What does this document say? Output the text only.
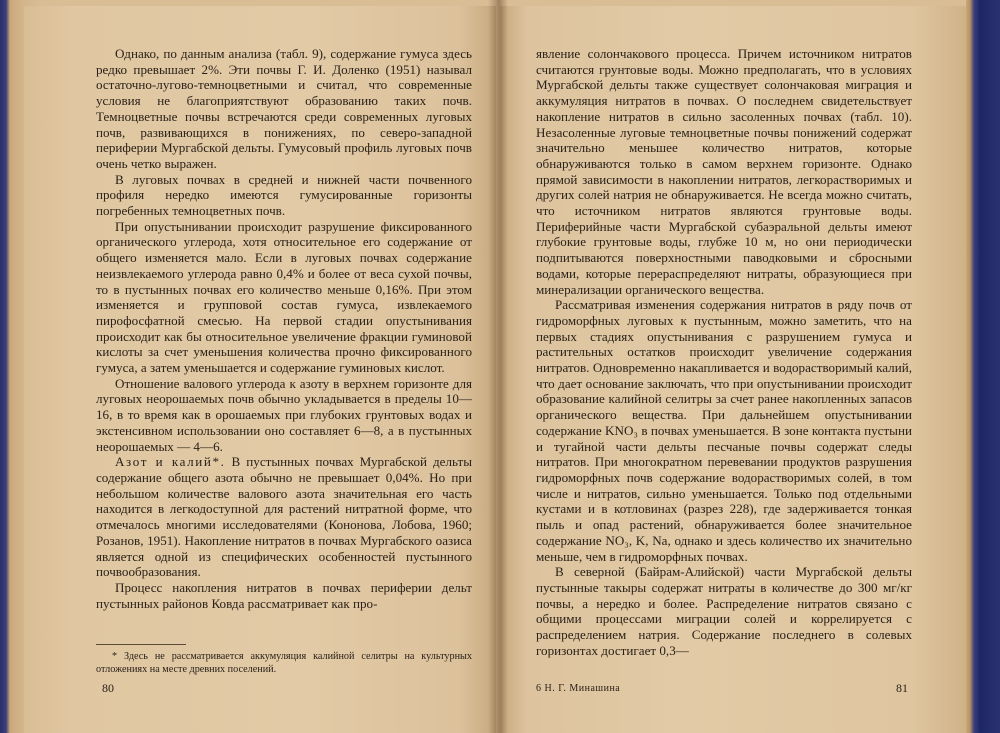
Однако, по данным анализа (табл. 9), содержание гумуса здесь редко превышает 2%. Эти почвы Г. И. Доленко (1951) называл остаточно-лугово-темноцветными и считал, что современные условия не благоприятствуют образованию таких почв. Темноцветные почвы встречаются среди современных луговых почв, развивающихся в понижениях, по северо-западной периферии Мургабской дельты. Гумусовый профиль луговых почв очень четко выражен.

В луговых почвах в средней и нижней части почвенного профиля нередко имеются гумусированные горизонты погребенных темноцветных почв.

При опустынивании происходит разрушение фиксированного органического углерода, хотя относительное его содержание от общего изменяется мало. Если в луговых почвах содержание неизвлекаемого углерода равно 0,4% и более от веса сухой почвы, то в пустынных почвах его количество меньше 0,16%. При этом изменяется и групповой состав гумуса, извлекаемого пирофосфатной смесью. На первой стадии опустынивания происходит как бы относительное увеличение фракции гуминовой кислоты за счет уменьшения количества прочно фиксированного гумуса, а затем уменьшается и содержание гуминовых кислот.

Отношение валового углерода к азоту в верхнем горизонте для луговых неорошаемых почв обычно укладывается в пределы 10—16, в то время как в орошаемых при глубоких грунтовых водах и экстенсивном использовании оно составляет 6—8, а в пустынных неорошаемых — 4—6.

Азот и калий*. В пустынных почвах Мургабской дельты содержание общего азота обычно не превышает 0,04%. Но при небольшом количестве валового азота значительная его часть находится в легкодоступной для растений нитратной форме, что отмечалось многими исследователями (Кононова, Лобова, 1960; Розанов, 1951). Накопление нитратов в почвах Мургабского оазиса является одной из специфических особенностей пустынного почвообразования.

Процесс накопления нитратов в почвах периферии дельт пустынных районов Ковда рассматривает как про-

* Здесь не рассматривается аккумуляция калийной селитры на культурных отложениях на месте древних поселений.
80

явление солончакового процесса. Причем источником нитратов считаются грунтовые воды. Можно предполагать, что в условиях Мургабской дельты также существует солончаковая миграция и аккумуляция нитратов в почвах. О последнем свидетельствует накопление нитратов в сильно засоленных почвах (табл. 10). Незасоленные луговые темноцветные почвы понижений содержат значительно меньшее количество нитратов, которые обнаруживаются только в самом верхнем горизонте. Однако прямой зависимости в накоплении нитратов, легкорастворимых и других солей натрия не обнаруживается. Не всегда можно считать, что источником нитратов являются грунтовые воды. Периферийные части Мургабской субаэральной дельты имеют глубокие грунтовые воды, глубже 10 м, но они периодически подпитываются поверхностными паводковыми и сбросными водами, которые перераспределяют нитраты, образующиеся при минерализации органического вещества.

Рассматривая изменения содержания нитратов в ряду почв от гидроморфных луговых к пустынным, можно заметить, что на первых стадиях опустынивания с разрушением гумуса и растительных остатков происходит увеличение содержания нитратов. Одновременно накапливается и водорастворимый калий, что дает основание заключать, что при опустынивании происходит образование калийной селитры за счет ранее накопленных запасов органического вещества. При дальнейшем опустынивании содержание KNO₃ в почвах уменьшается. В зоне контакта пустыни и тугайной части дельты песчаные почвы содержат следы нитратов. При многократном перевевании продуктов разрушения гидроморфных почв содержание водорастворимых солей, в том числе и нитратов, сильно уменьшается. Только под отдельными кустами и в котловинах (разрез 228), где задерживается тонкая пыль и опад растений, обнаруживается более значительное содержание NO₃, K, Na, однако и здесь количество их значительно меньше, чем в гидроморфных почвах.

В северной (Байрам-Алийской) части Мургабской дельты пустынные такыры содержат нитраты в количестве до 300 мг/кг почвы, а нередко и более. Распределение нитратов связано с общими процессами миграции солей и коррелируется с распределением натрия. Содержание последнего в солевых горизонтах достигает 0,3—

6 Н. Г. Минашина	81
